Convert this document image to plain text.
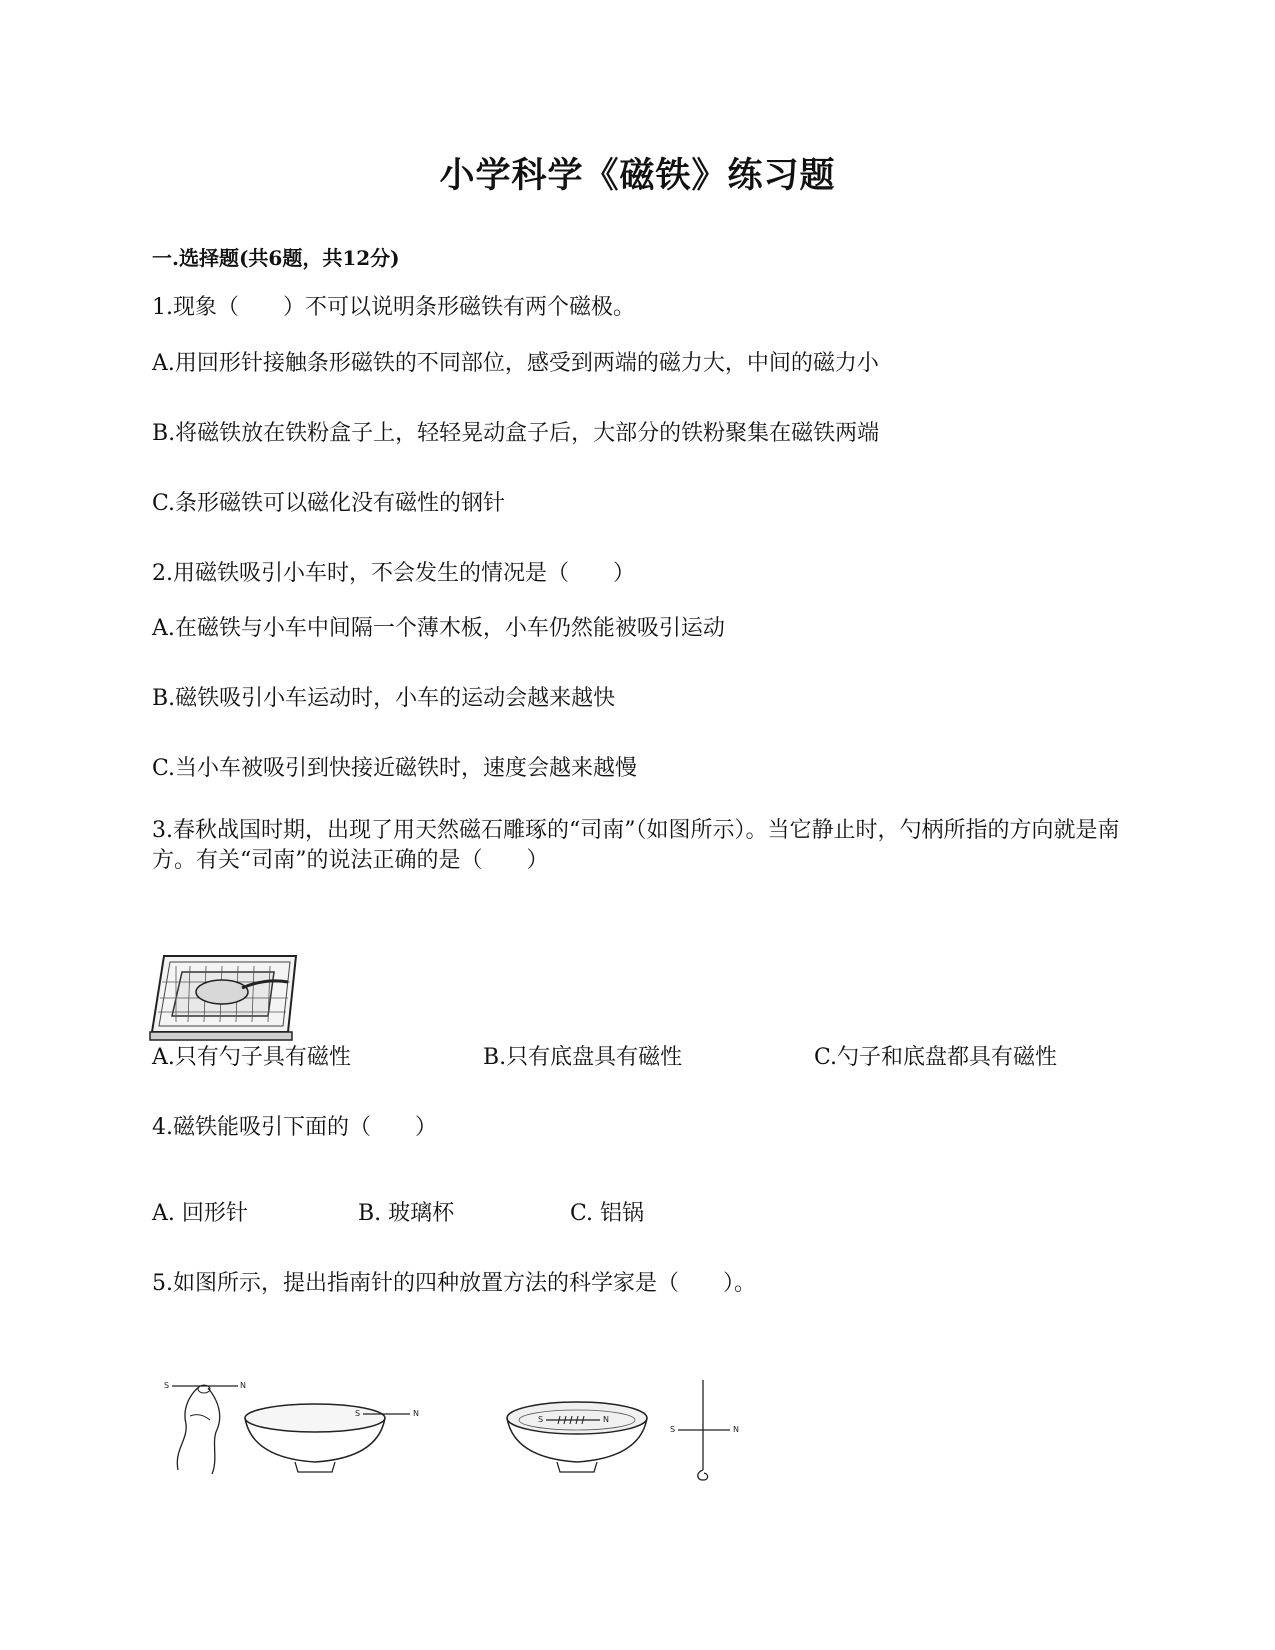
小学科学《磁铁》练习题
一.选择题(共6题，共12分)
1.现象（　　）不可以说明条形磁铁有两个磁极。
A.用回形针接触条形磁铁的不同部位，感受到两端的磁力大，中间的磁力小
B.将磁铁放在铁粉盒子上，轻轻晃动盒子后，大部分的铁粉聚集在磁铁两端
C.条形磁铁可以磁化没有磁性的钢针
2.用磁铁吸引小车时，不会发生的情况是（　　）
A.在磁铁与小车中间隔一个薄木板，小车仍然能被吸引运动
B.磁铁吸引小车运动时，小车的运动会越来越快
C.当小车被吸引到快接近磁铁时，速度会越来越慢
3.春秋战国时期，出现了用天然磁石雕琢的“司南”（如图所示）。当它静止时，勺柄所指的方向就是南方。有关“司南”的说法正确的是（　　）
A.只有勺子具有磁性	B.只有底盘具有磁性	C.勺子和底盘都具有磁性
4.磁铁能吸引下面的（　　）
A. 回形针	B. 玻璃杯	C. 铝锅
5.如图所示，提出指南针的四种放置方法的科学家是（　　）。
S	N
S	N
S	N
S	N
